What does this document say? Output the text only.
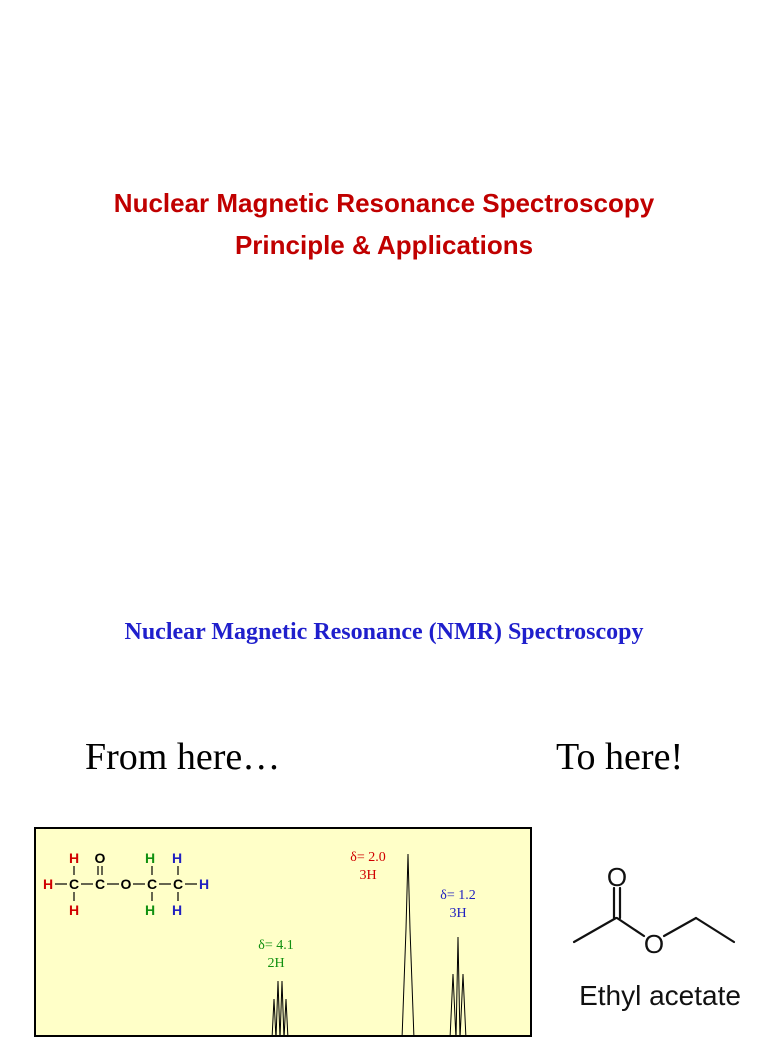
Nuclear Magnetic Resonance Spectroscopy
Principle & Applications
Nuclear Magnetic Resonance (NMR) Spectroscopy
From here…	To here!
H O	H H
H C C O C C H
H	H H
δ= 2.0
3H
δ= 1.2
3H
δ= 4.1
2H
O
O
Ethyl acetate
